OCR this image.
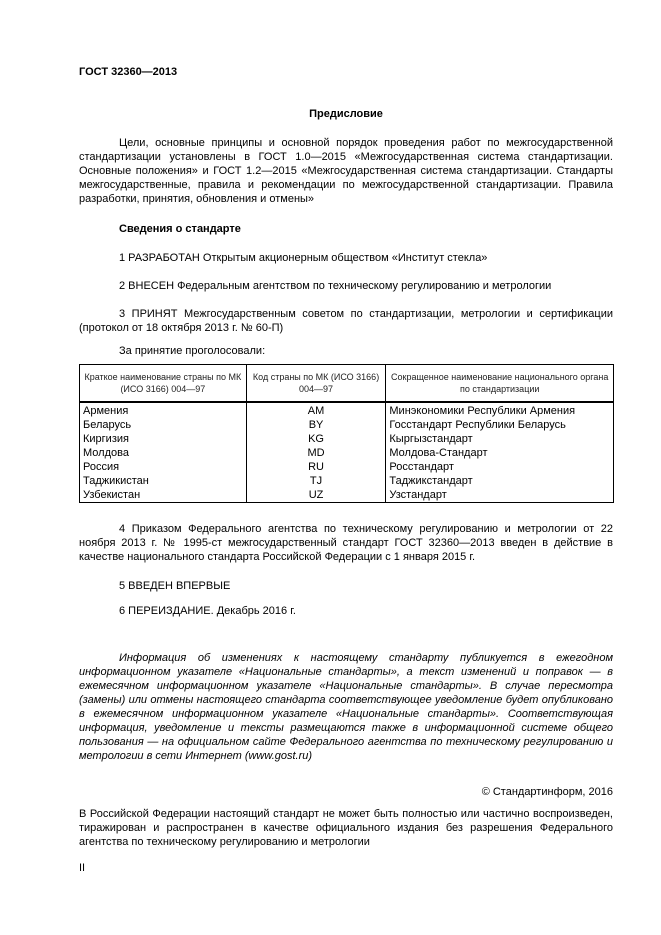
ГОСТ 32360—2013
Предисловие
Цели, основные принципы и основной порядок проведения работ по межгосударственной стандартизации установлены в ГОСТ 1.0—2015 «Межгосударственная система стандартизации. Основные положения» и ГОСТ 1.2—2015 «Межгосударственная система стандартизации. Стандарты межгосударственные, правила и рекомендации по межгосударственной стандартизации. Правила разработки, принятия, обновления и отмены»
Сведения о стандарте
1 РАЗРАБОТАН Открытым акционерным обществом «Институт стекла»
2 ВНЕСЕН Федеральным агентством по техническому регулированию и метрологии
3 ПРИНЯТ Межгосударственным советом по стандартизации, метрологии и сертификации (протокол от 18 октября 2013 г. № 60-П)
За принятие проголосовали:
Краткое наименование страны по МК (ИСО 3166) 004—97	Код страны по МК (ИСО 3166) 004—97	Сокращенное наименование национального органа по стандартизации
Армения	AM	Минэкономики Республики Армения
Беларусь	BY	Госстандарт Республики Беларусь
Киргизия	KG	Кыргызстандарт
Молдова	MD	Молдова-Стандарт
Россия	RU	Росстандарт
Таджикистан	TJ	Таджикстандарт
Узбекистан	UZ	Узстандарт
4 Приказом Федерального агентства по техническому регулированию и метрологии от 22 ноября 2013 г. № 1995-ст межгосударственный стандарт ГОСТ 32360—2013 введен в действие в качестве национального стандарта Российской Федерации с 1 января 2015 г.
5 ВВЕДЕН ВПЕРВЫЕ
6 ПЕРЕИЗДАНИЕ. Декабрь 2016 г.
Информация об изменениях к настоящему стандарту публикуется в ежегодном информационном указателе «Национальные стандарты», а текст изменений и поправок — в ежемесячном информационном указателе «Национальные стандарты». В случае пересмотра (замены) или отмены настоящего стандарта соответствующее уведомление будет опубликовано в ежемесячном информационном указателе «Национальные стандарты». Соответствующая информация, уведомление и тексты размещаются также в информационной системе общего пользования — на официальном сайте Федерального агентства по техническому регулированию и метрологии в сети Интернет (www.gost.ru)
© Стандартинформ, 2016
В Российской Федерации настоящий стандарт не может быть полностью или частично воспроизведен, тиражирован и распространен в качестве официального издания без разрешения Федерального агентства по техническому регулированию и метрологии
II
